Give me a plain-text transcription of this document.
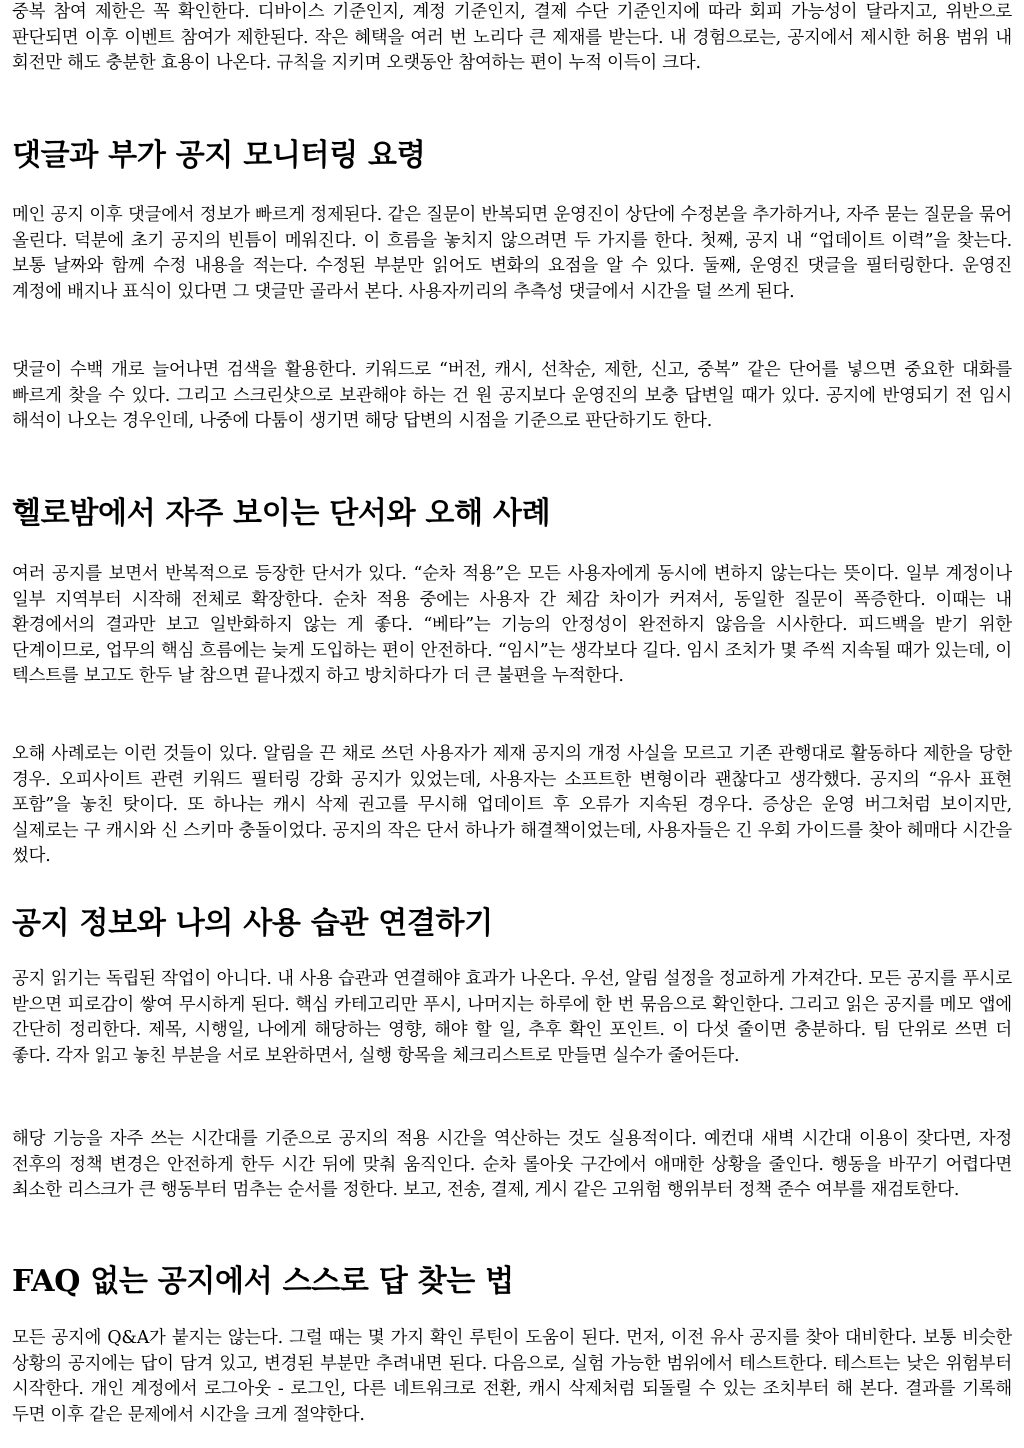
중복 참여 제한은 꼭 확인한다. 디바이스 기준인지, 계정 기준인지, 결제 수단 기준인지에 따라 회피 가능성이 달라지고, 위반으로 판단되면 이후 이벤트 참여가 제한된다. 작은 혜택을 여러 번 노리다 큰 제재를 받는다. 내 경험으로는, 공지에서 제시한 허용 범위 내 회전만 해도 충분한 효용이 나온다. 규칙을 지키며 오랫동안 참여하는 편이 누적 이득이 크다.

댓글과 부가 공지 모니터링 요령

메인 공지 이후 댓글에서 정보가 빠르게 정제된다. 같은 질문이 반복되면 운영진이 상단에 수정본을 추가하거나, 자주 묻는 질문을 묶어 올린다. 덕분에 초기 공지의 빈틈이 메워진다. 이 흐름을 놓치지 않으려면 두 가지를 한다. 첫째, 공지 내 “업데이트 이력”을 찾는다. 보통 날짜와 함께 수정 내용을 적는다. 수정된 부분만 읽어도 변화의 요점을 알 수 있다. 둘째, 운영진 댓글을 필터링한다. 운영진 계정에 배지나 표식이 있다면 그 댓글만 골라서 본다. 사용자끼리의 추측성 댓글에서 시간을 덜 쓰게 된다.

댓글이 수백 개로 늘어나면 검색을 활용한다. 키워드로 “버전, 캐시, 선착순, 제한, 신고, 중복” 같은 단어를 넣으면 중요한 대화를 빠르게 찾을 수 있다. 그리고 스크린샷으로 보관해야 하는 건 원 공지보다 운영진의 보충 답변일 때가 있다. 공지에 반영되기 전 임시 해석이 나오는 경우인데, 나중에 다툼이 생기면 해당 답변의 시점을 기준으로 판단하기도 한다.

헬로밤에서 자주 보이는 단서와 오해 사례

여러 공지를 보면서 반복적으로 등장한 단서가 있다. “순차 적용”은 모든 사용자에게 동시에 변하지 않는다는 뜻이다. 일부 계정이나 일부 지역부터 시작해 전체로 확장한다. 순차 적용 중에는 사용자 간 체감 차이가 커져서, 동일한 질문이 폭증한다. 이때는 내 환경에서의 결과만 보고 일반화하지 않는 게 좋다. “베타”는 기능의 안정성이 완전하지 않음을 시사한다. 피드백을 받기 위한 단계이므로, 업무의 핵심 흐름에는 늦게 도입하는 편이 안전하다. “임시”는 생각보다 길다. 임시 조치가 몇 주씩 지속될 때가 있는데, 이 텍스트를 보고도 한두 날 참으면 끝나겠지 하고 방치하다가 더 큰 불편을 누적한다.

오해 사례로는 이런 것들이 있다. 알림을 끈 채로 쓰던 사용자가 제재 공지의 개정 사실을 모르고 기존 관행대로 활동하다 제한을 당한 경우. 오피사이트 관련 키워드 필터링 강화 공지가 있었는데, 사용자는 소프트한 변형이라 괜찮다고 생각했다. 공지의 “유사 표현 포함”을 놓친 탓이다. 또 하나는 캐시 삭제 권고를 무시해 업데이트 후 오류가 지속된 경우다. 증상은 운영 버그처럼 보이지만, 실제로는 구 캐시와 신 스키마 충돌이었다. 공지의 작은 단서 하나가 해결책이었는데, 사용자들은 긴 우회 가이드를 찾아 헤매다 시간을 썼다.

공지 정보와 나의 사용 습관 연결하기

공지 읽기는 독립된 작업이 아니다. 내 사용 습관과 연결해야 효과가 나온다. 우선, 알림 설정을 정교하게 가져간다. 모든 공지를 푸시로 받으면 피로감이 쌓여 무시하게 된다. 핵심 카테고리만 푸시, 나머지는 하루에 한 번 묶음으로 확인한다. 그리고 읽은 공지를 메모 앱에 간단히 정리한다. 제목, 시행일, 나에게 해당하는 영향, 해야 할 일, 추후 확인 포인트. 이 다섯 줄이면 충분하다. 팀 단위로 쓰면 더 좋다. 각자 읽고 놓친 부분을 서로 보완하면서, 실행 항목을 체크리스트로 만들면 실수가 줄어든다.

해당 기능을 자주 쓰는 시간대를 기준으로 공지의 적용 시간을 역산하는 것도 실용적이다. 예컨대 새벽 시간대 이용이 잦다면, 자정 전후의 정책 변경은 안전하게 한두 시간 뒤에 맞춰 움직인다. 순차 롤아웃 구간에서 애매한 상황을 줄인다. 행동을 바꾸기 어렵다면 최소한 리스크가 큰 행동부터 멈추는 순서를 정한다. 보고, 전송, 결제, 게시 같은 고위험 행위부터 정책 준수 여부를 재검토한다.

FAQ 없는 공지에서 스스로 답 찾는 법

모든 공지에 Q&A가 붙지는 않는다. 그럴 때는 몇 가지 확인 루틴이 도움이 된다. 먼저, 이전 유사 공지를 찾아 대비한다. 보통 비슷한 상황의 공지에는 답이 담겨 있고, 변경된 부분만 추려내면 된다. 다음으로, 실험 가능한 범위에서 테스트한다. 테스트는 낮은 위험부터 시작한다. 개인 계정에서 로그아웃 - 로그인, 다른 네트워크로 전환, 캐시 삭제처럼 되돌릴 수 있는 조치부터 해 본다. 결과를 기록해 두면 이후 같은 문제에서 시간을 크게 절약한다.
